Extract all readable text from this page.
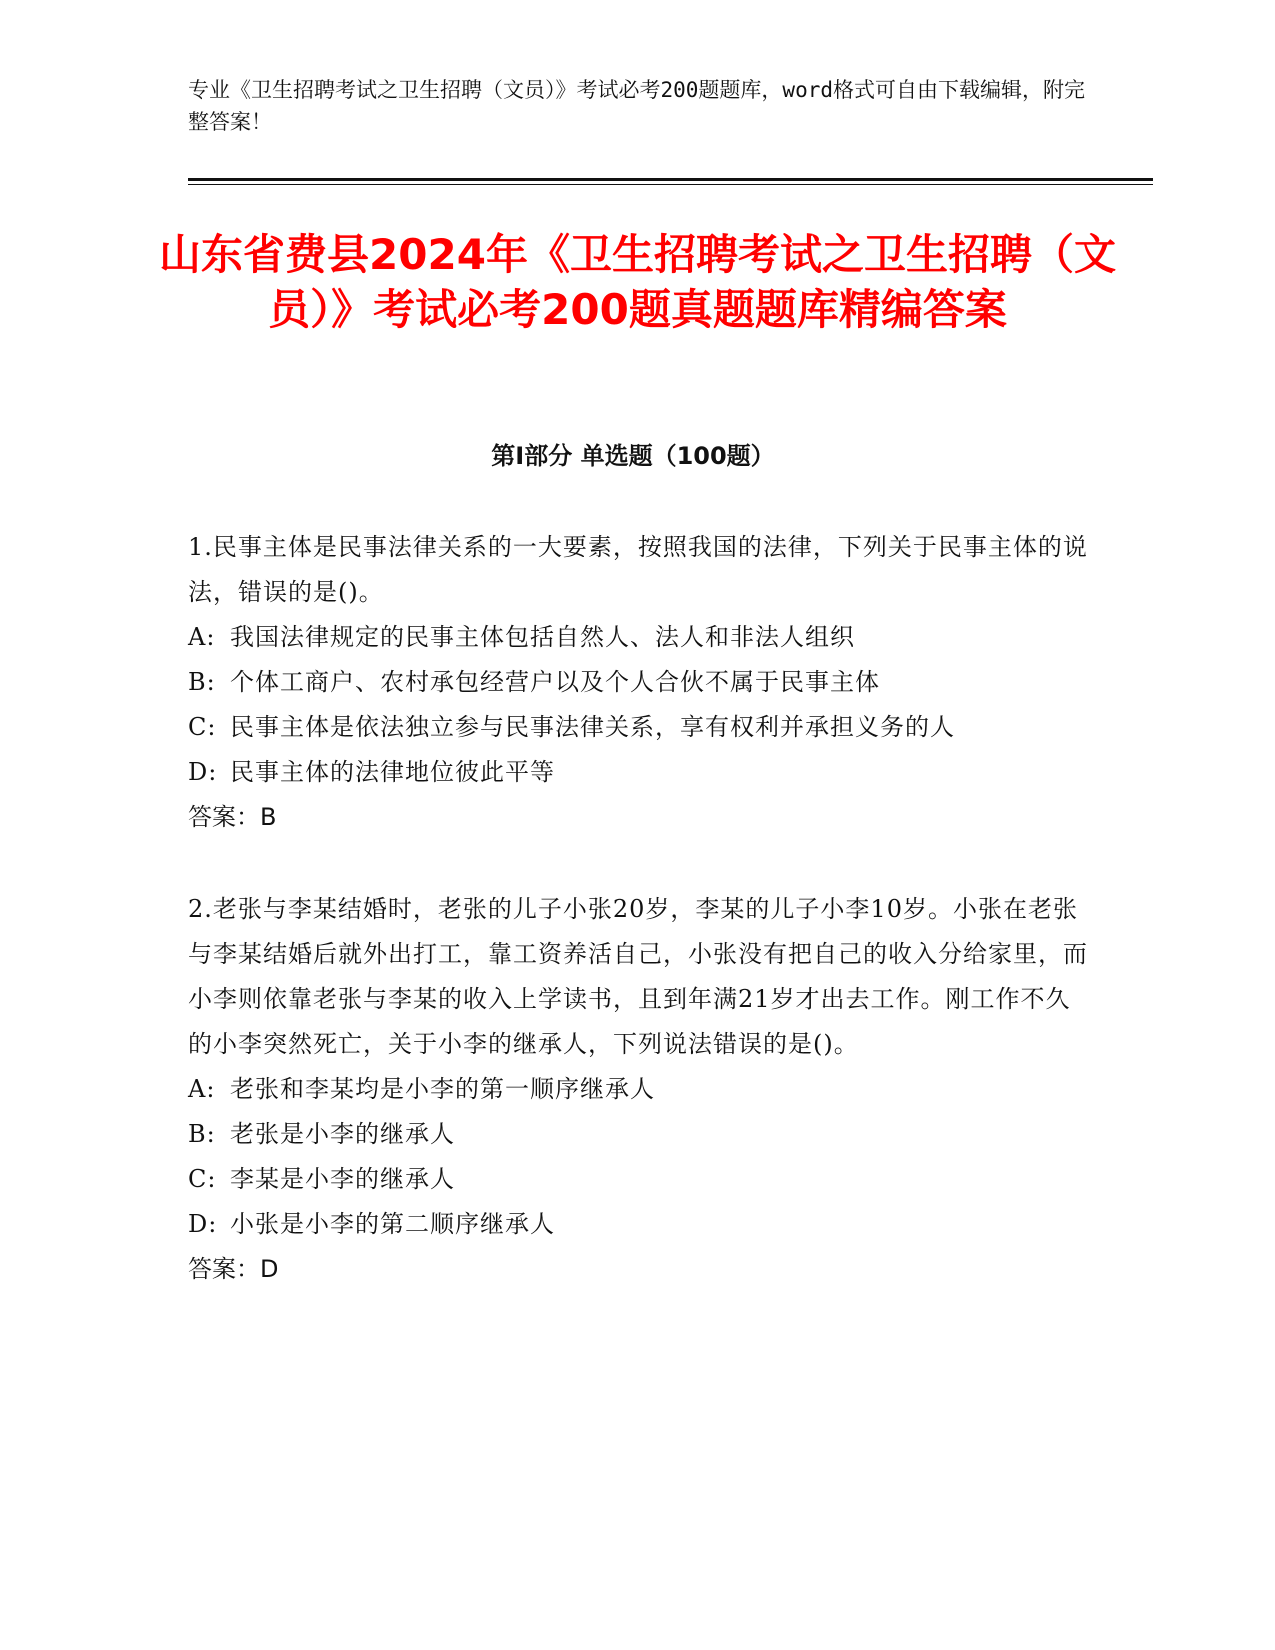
专业《卫生招聘考试之卫生招聘（文员）》考试必考200题题库，word格式可自由下载编辑，附完整答案！

山东省费县2024年《卫生招聘考试之卫生招聘（文员）》考试必考200题真题题库精编答案
第I部分 单选题（100题）

1.民事主体是民事法律关系的一大要素，按照我国的法律，下列关于民事主体的说法，错误的是()。

A: 我国法律规定的民事主体包括自然人、法人和非法人组织

B: 个体工商户、农村承包经营户以及个人合伙不属于民事主体

C: 民事主体是依法独立参与民事法律关系，享有权利并承担义务的人

D: 民事主体的法律地位彼此平等

答案：B

2.老张与李某结婚时，老张的儿子小张20岁，李某的儿子小李10岁。小张在老张与李某结婚后就外出打工，靠工资养活自己，小张没有把自己的收入分给家里，而小李则依靠老张与李某的收入上学读书，且到年满21岁才出去工作。刚工作不久的小李突然死亡，关于小李的继承人，下列说法错误的是()。

A: 老张和李某均是小李的第一顺序继承人

B: 老张是小李的继承人

C: 李某是小李的继承人

D: 小张是小李的第二顺序继承人

答案：D
